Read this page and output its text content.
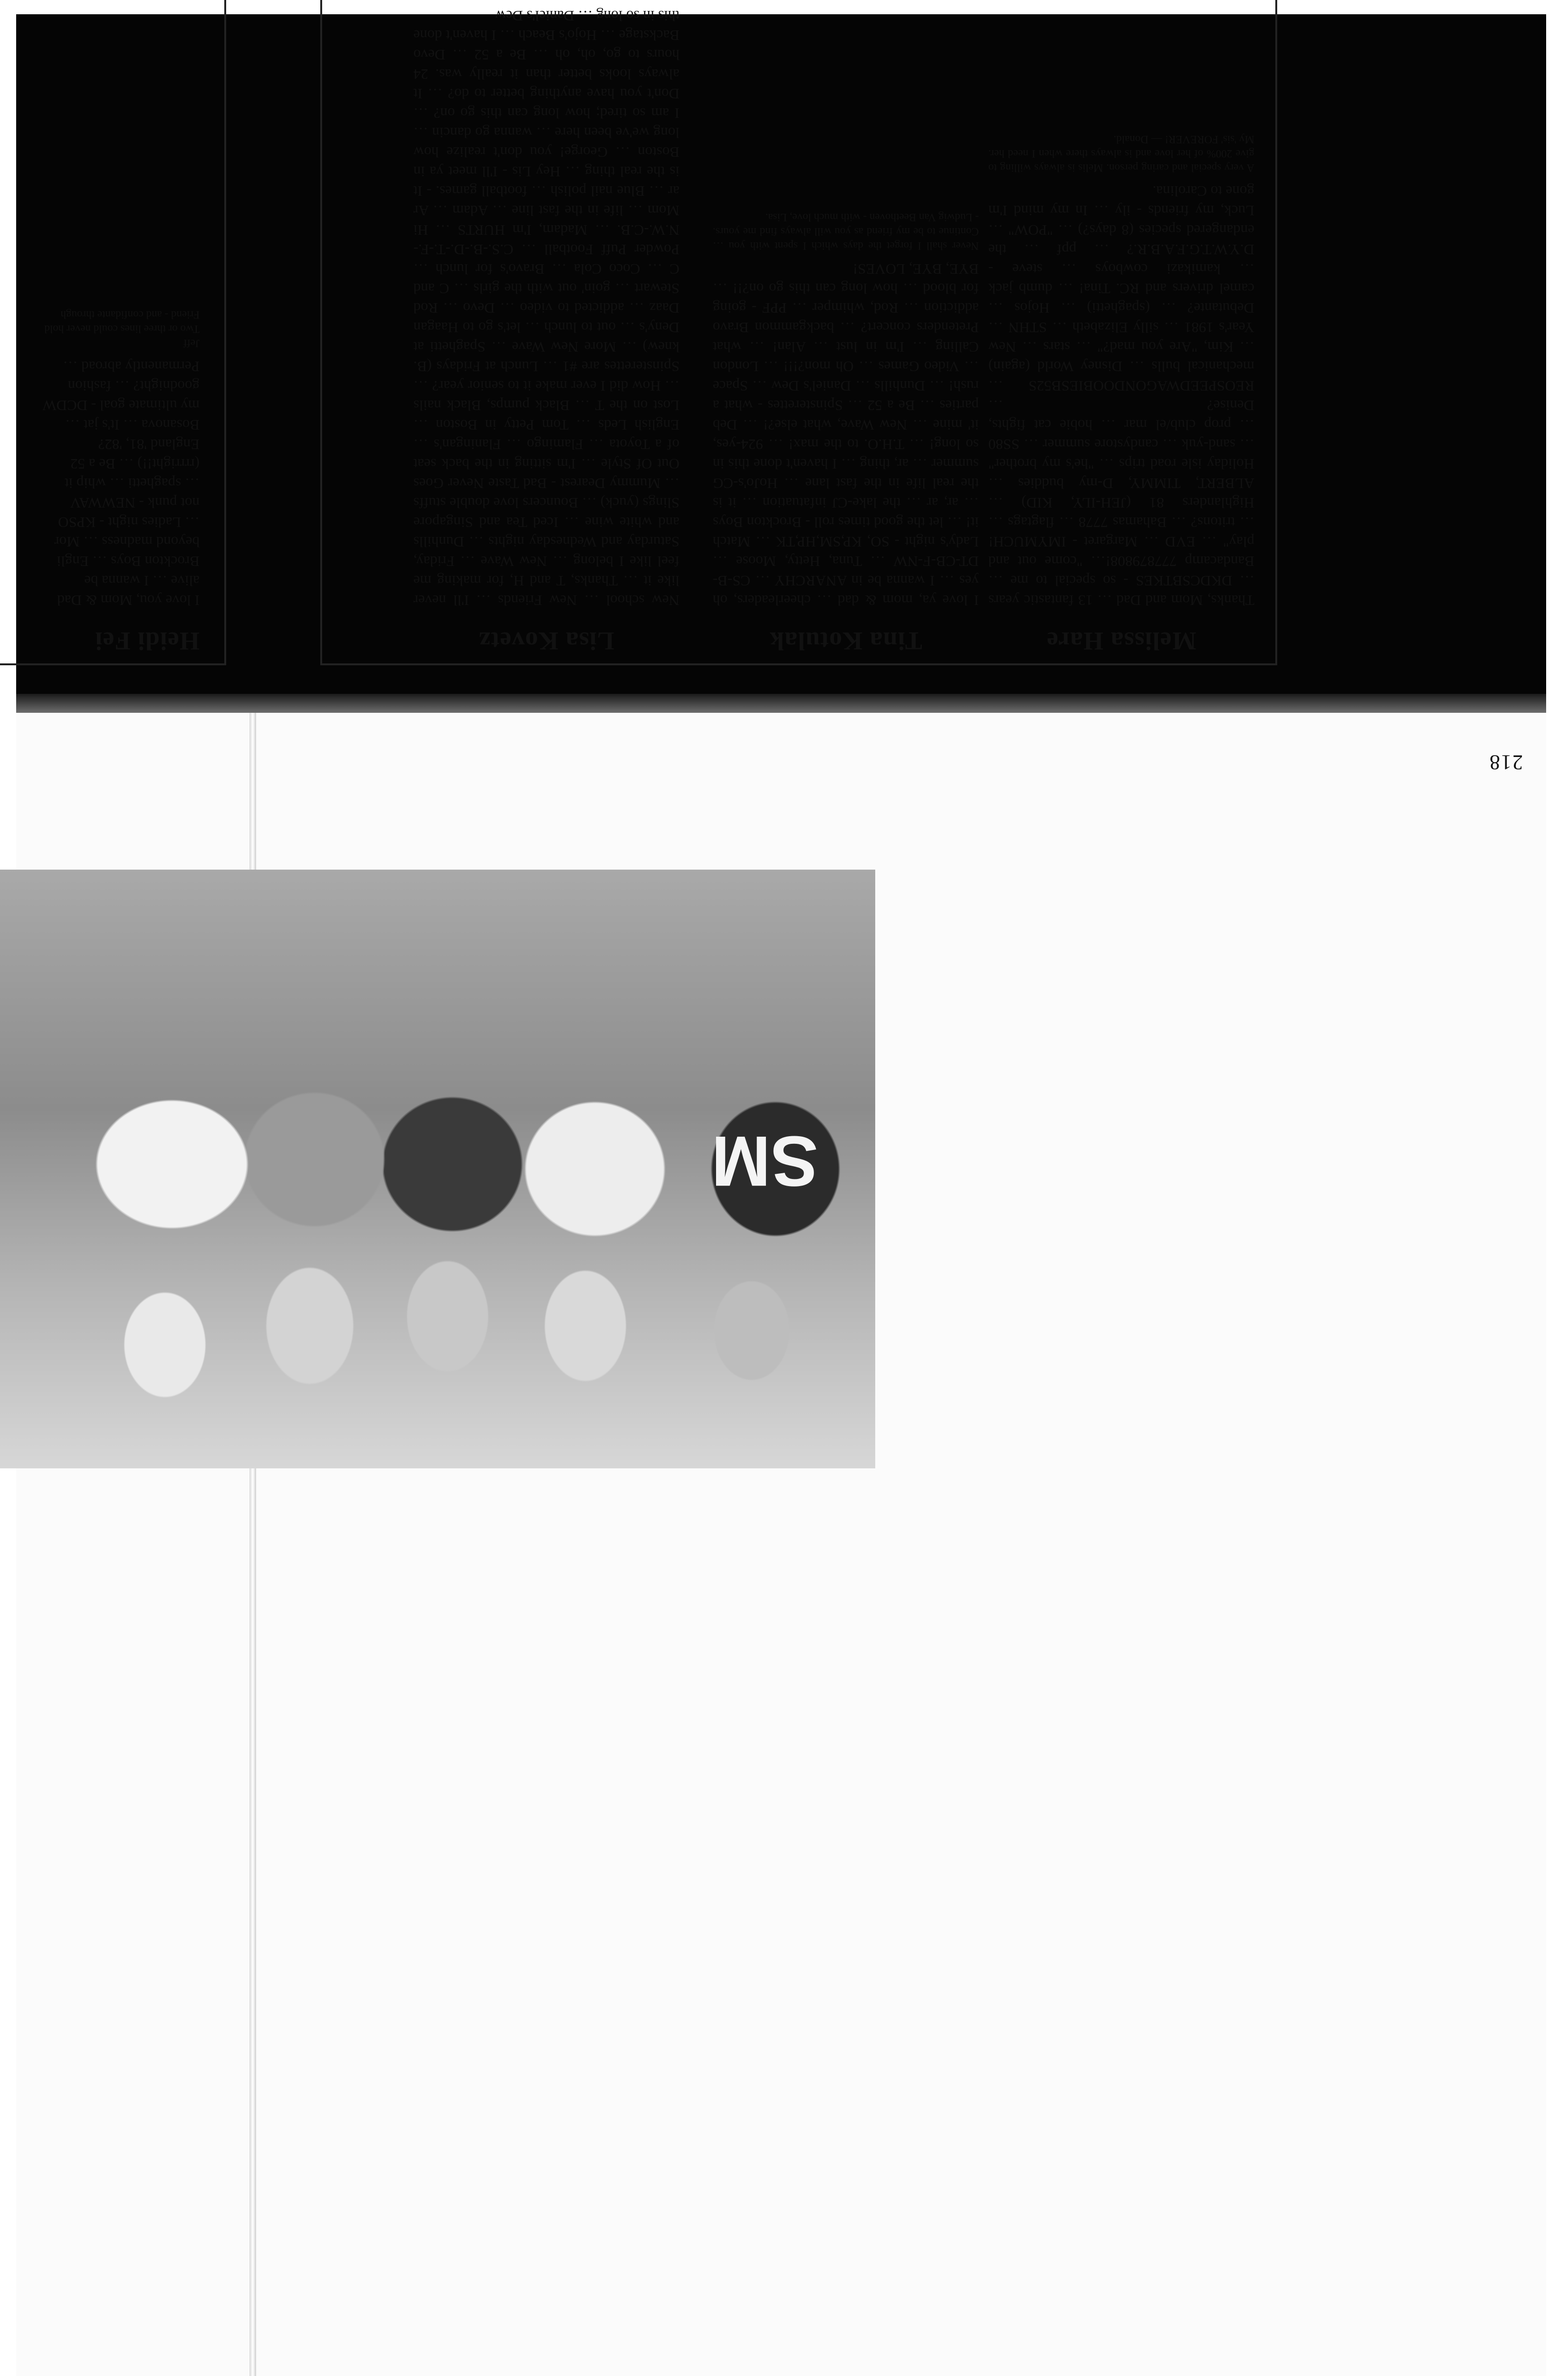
218
SM
Melissa Hare

Thanks, Mom and Dad … 13 fantastic years … DKDCSBTKES - so special to me … Bandacamp 777879808!… "come out and play" … EVD … Margaret - IMYMUCH! … tritons? … Bahamas 7778 … flagtags … Highlanders 81 (JEH-ILY, KID) … ALBERT, TIMMY, D-my buddies … Holiday isle road trips … "he's my brother" … sand-yuk … candystore summer … SS80 … prop club/el mar … hobie cat fights, Denise? … REOSPEEDWAGONDOOBIESB52S … mechanical bulls … Disney World (again) … Kim, "Are you mad?" … stars … New Year's 1981 … silly Elizabeth … STHN … Debutante? … (spaghetti) … Hojos … camel drivers and RC. Tina! … dumb jack … kamikazi cowboys … steve - D.Y.W.T.G.F.A.B.R.? … ppf … the endangered species (8 days?) … "POW" … Luck, my friends - ily … In my mind I'm gone to Carolina.

A very special and caring person. Melis is always willing to give 200% of her love and is always there when I need her. My 'sis' FOREVER! — Donald.

Tina Kotulak

I love ya, mom & dad … cheerleaders, oh yes … I wanna be in ANARCHY … CS-B-DT-CB-F-NW … Tuna, Hetty, Moose … Lady's night - SO, KP,SM,HP,TK … Match it! … let the good times roll - Brockton Boys … ar, ar … the lake-CJ infatuation … it is the real life in the fast lane … HoJo's-CG summer … ar, thing … I haven't done this in so long! … T.H.O. to the max! … 924-yes, it' mine … New Wave, what else?! … Deb parties … Be a 52 … Spinsterettes - what a rush! … Dunhills … Daniel's Dew … Space … Video Games … Oh mon?!!! … London Calling … I'm in lust … Alan! … what Pretenders concert? … backgammon Bravo addiction … Rod, whimper … PPF - going for blood … how long can this go on?!! … BYE, BYE, LOVES!

Never shall I forget the days which I spent with you … Continue to be my friend as you will always find me yours. - Ludwig Van Beethoven - with much love, Lisa.

Lisa Kovetz

New school … New Friends … I'll never like it … Thanks, T and H, for making me feel like I belong … New Wave … Friday, Saturday and Wednesday nights … Dunhills and white wine … Iced Tea and Singapore Slings (yuck) … Bouncers love double stuffs … Mummy Dearest - Bad Taste Never Goes Out Of Style … I'm sitting in the back seat of a Toyota … Flamingo … Flaningan's … English Leds … Tom Petty in Boston … Lost on the T … Black pumps, Black nails … How did I ever make it to senior year? … Spinsterettes are #1 … Lunch at Fridays (B. knew) … More New Wave … Spaghetti at Deny's … out to lunch … let's go to Haagan Daaz … addicted to video … Devo … Rod Stewart … goin' out with the girls … C and C … Coco Cola … Bravo's for lunch … Powder Puff Football … C.S.-B.-D.-T.-F.-N.W.-C.B. … Madam, I'm HURTS … Hi Mom … life in the fast line … Adam … Ar ar … Blue nail polish … football games. - It is the real thing … Hey Lis - I'll meet ya in Boston … George! you don't realize how long we've been here … wanna go dancin … I am so tired; how long can this go on? … Don't you have anything better to do? … It always looks better than it really was. 24 hours to go, oh, oh … Be a 52 … Devo Backstage … Hojo's Beach … I haven't done this in so long … Daniel's Dew

Heidi Fei

I love you, Mom & Dad
alive … I wanna be
Brockton Boys … Engli
beyond madness … Mor
… Ladies night - KPSO
not punk - NEWWAV
… spaghetti … whip it
(rrrright!!) … Be a 52
England '81, '82?
Bosanova … It's jat …
my ultimate goal - DCDW
goodnight? … fashion
Permanently abroad …

Jeff
Two or three lines could never hold
Friend - and confidante through
